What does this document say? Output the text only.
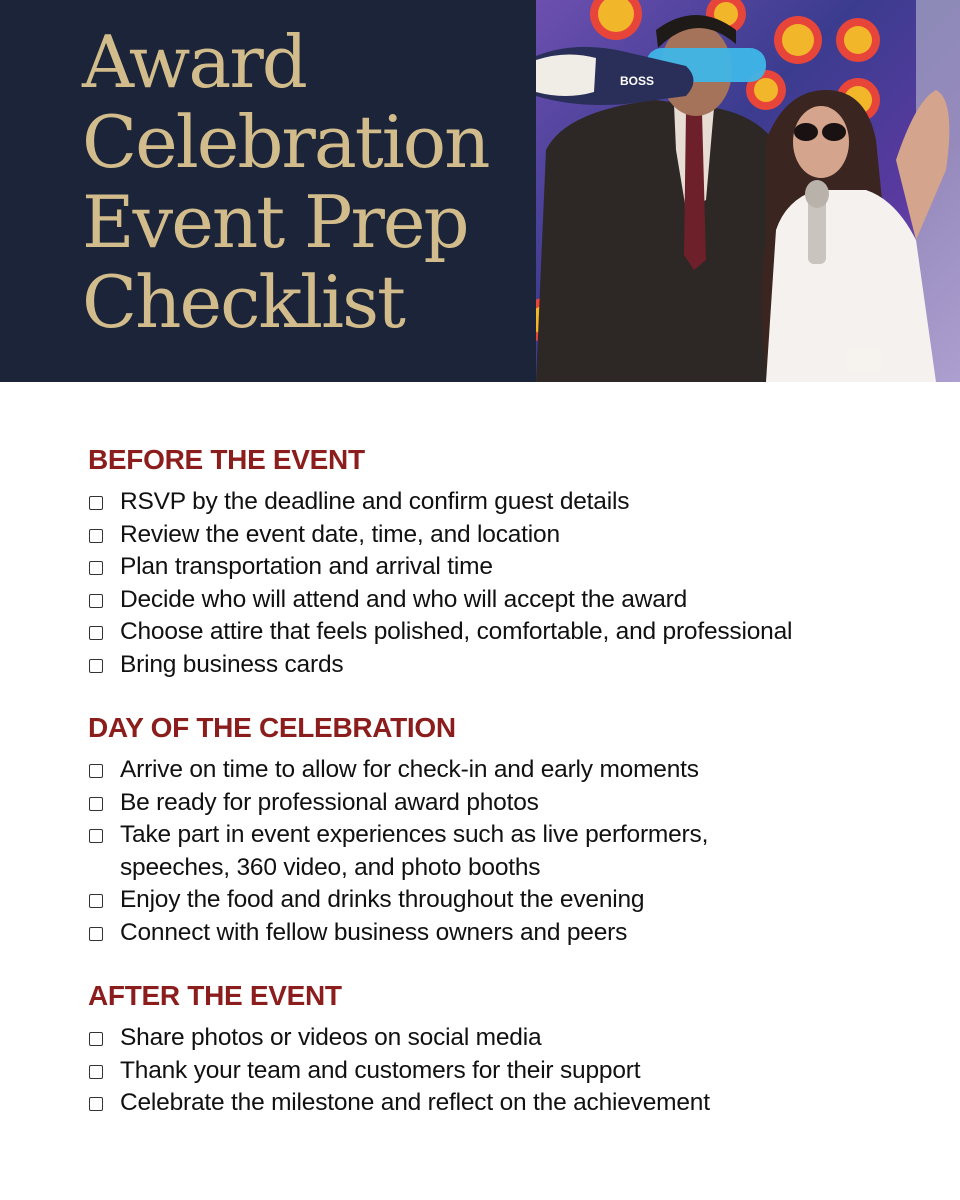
Award
Celebration
Event Prep
Checklist
BOSS
BEFORE THE EVENT
RSVP by the deadline and confirm guest details
Review the event date, time, and location
Plan transportation and arrival time
Decide who will attend and who will accept the award
Choose attire that feels polished, comfortable, and professional
Bring business cards
DAY OF THE CELEBRATION
Arrive on time to allow for check-in and early moments
Be ready for professional award photos
Take part in event experiences such as live performers, speeches, 360 video, and photo booths
Enjoy the food and drinks throughout the evening
Connect with fellow business owners and peers
AFTER THE EVENT
Share photos or videos on social media
Thank your team and customers for their support
Celebrate the milestone and reflect on the achievement
